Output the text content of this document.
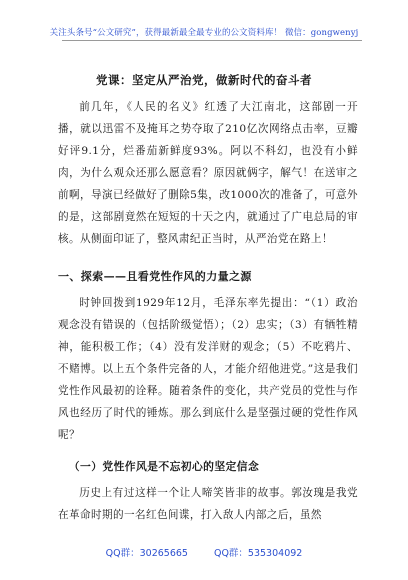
关注头条号“公文研究”，获得最新最全最专业的公文资料库！ 微信：gongwenyj
党课：坚定从严治党，做新时代的奋斗者

前几年，《人民的名义》红透了大江南北，这部剧一开播，就以迅雷不及掩耳之势夺取了210亿次网络点击率，豆瓣好评9.1分，烂番茄新鲜度93%。阿以不科幻，也没有小鲜肉，为什么观众还那么愿意看？原因就俩字，解气！在送审之前啊，导演已经做好了删除5集，改1000次的准备了，可意外的是，这部剧竟然在短短的十天之内，就通过了广电总局的审核。从侧面印证了，整风肃纪正当时，从严治党在路上！

一、探索——且看党性作风的力量之源

时钟回拨到1929年12月，毛泽东率先提出：“（1）政治观念没有错误的（包括阶级觉悟）；（2）忠实；（3）有牺牲精神，能积极工作；（4）没有发洋财的观念；（5）不吃鸦片、不赌博。以上五个条件完备的人，才能介绍他进党。”这是我们党性作风最初的诠释。随着条件的变化，共产党员的党性与作风也经历了时代的锤炼。那么到底什么是坚强过硬的党性作风呢？

（一）党性作风是不忘初心的坚定信念

历史上有过这样一个让人啼笑皆非的故事。郭汝瑰是我党在革命时期的一名红色间谍，打入敌人内部之后，虽然

QQ群：30265665	QQ群：535304092
